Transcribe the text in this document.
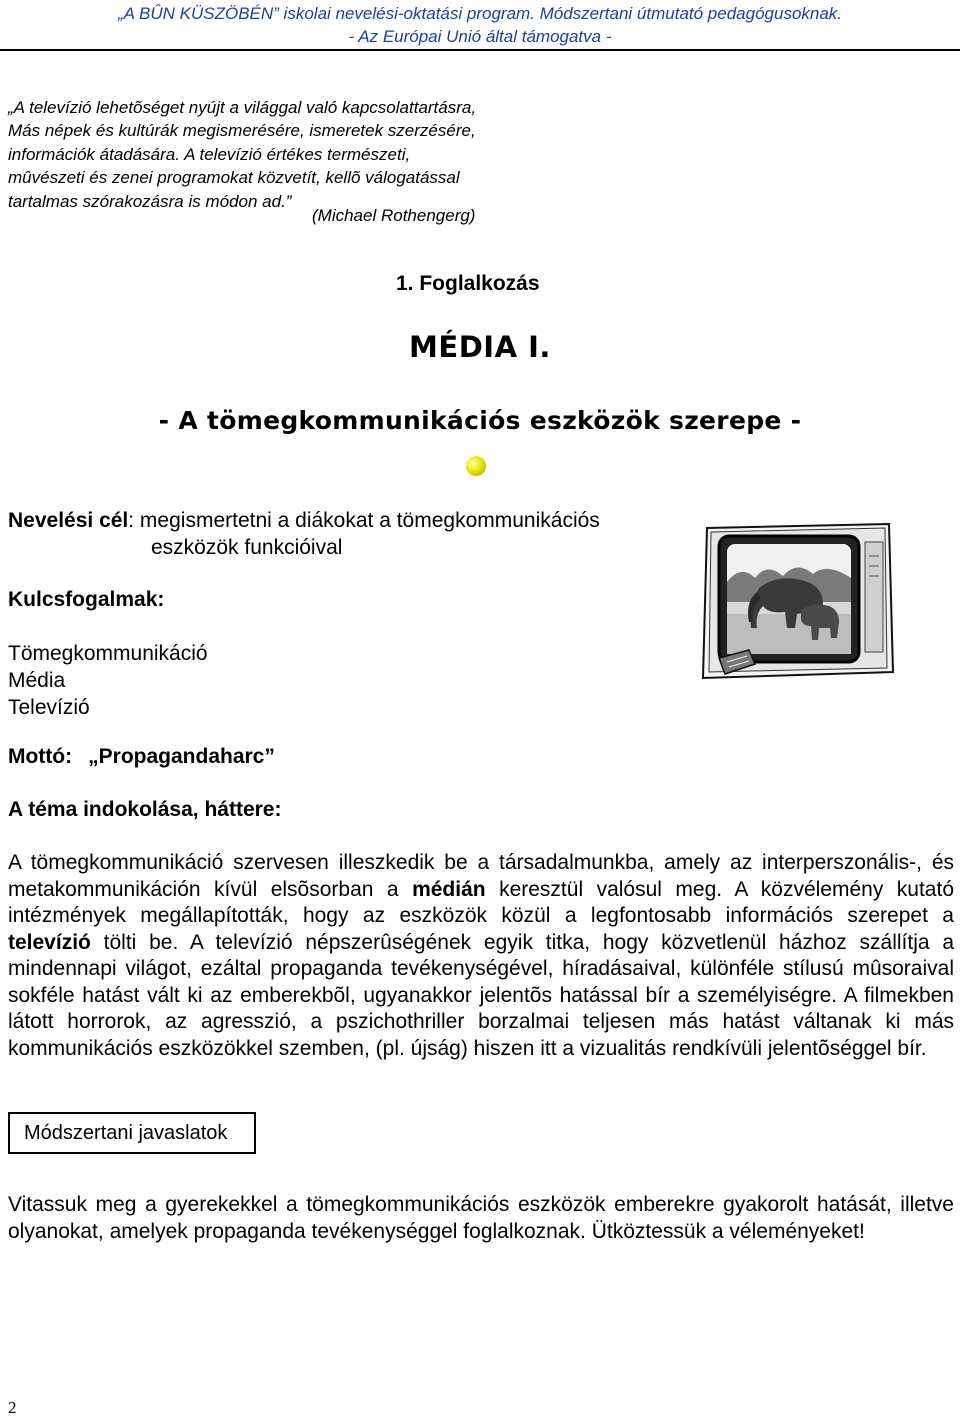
„A BÛN KÜSZÖBÉN” iskolai nevelési-oktatási program. Módszertani útmutató pedagógusoknak.
- Az Európai Unió által támogatva -
„A televízió lehetõséget nyújt a világgal való kapcsolattartásra,
Más népek és kultúrák megismerésére, ismeretek szerzésére,
információk átadására. A televízió értékes természeti,
mûvészeti és zenei programokat közvetít, kellõ válogatással
tartalmas szórakozásra is módon ad.”
(Michael Rothengerg)
1. Foglalkozás
MÉDIA I.
- A tömegkommunikációs eszközök szerepe -
Nevelési cél: megismertetni a diákokat a tömegkommunikációs
eszközök funkcióival
Kulcsfogalmak:
Tömegkommunikáció
Média
Televízió
Mottó: „Propagandaharc”
A téma indokolása, háttere:
A tömegkommunikáció szervesen illeszkedik be a társadalmunkba, amely az interperszonális-, és metakommunikáción kívül elsõsorban a médián keresztül valósul meg. A közvélemény kutató intézmények megállapították, hogy az eszközök közül a legfontosabb információs szerepet a televízió tölti be. A televízió népszerûségének egyik titka, hogy közvetlenül házhoz szállítja a mindennapi világot, ezáltal propaganda tevékenységével, híradásaival, különféle stílusú mûsoraival sokféle hatást vált ki az emberekbõl, ugyanakkor jelentõs hatással bír a személyiségre. A filmekben látott horrorok, az agresszió, a pszichothriller borzalmai teljesen más hatást váltanak ki más kommunikációs eszközökkel szemben, (pl. újság) hiszen itt a vizualitás rendkívüli jelentõséggel bír.
Módszertani javaslatok
Vitassuk meg a gyerekekkel a tömegkommunikációs eszközök emberekre gyakorolt hatását, illetve olyanokat, amelyek propaganda tevékenységgel foglalkoznak. Ütköztessük a véleményeket!
2
